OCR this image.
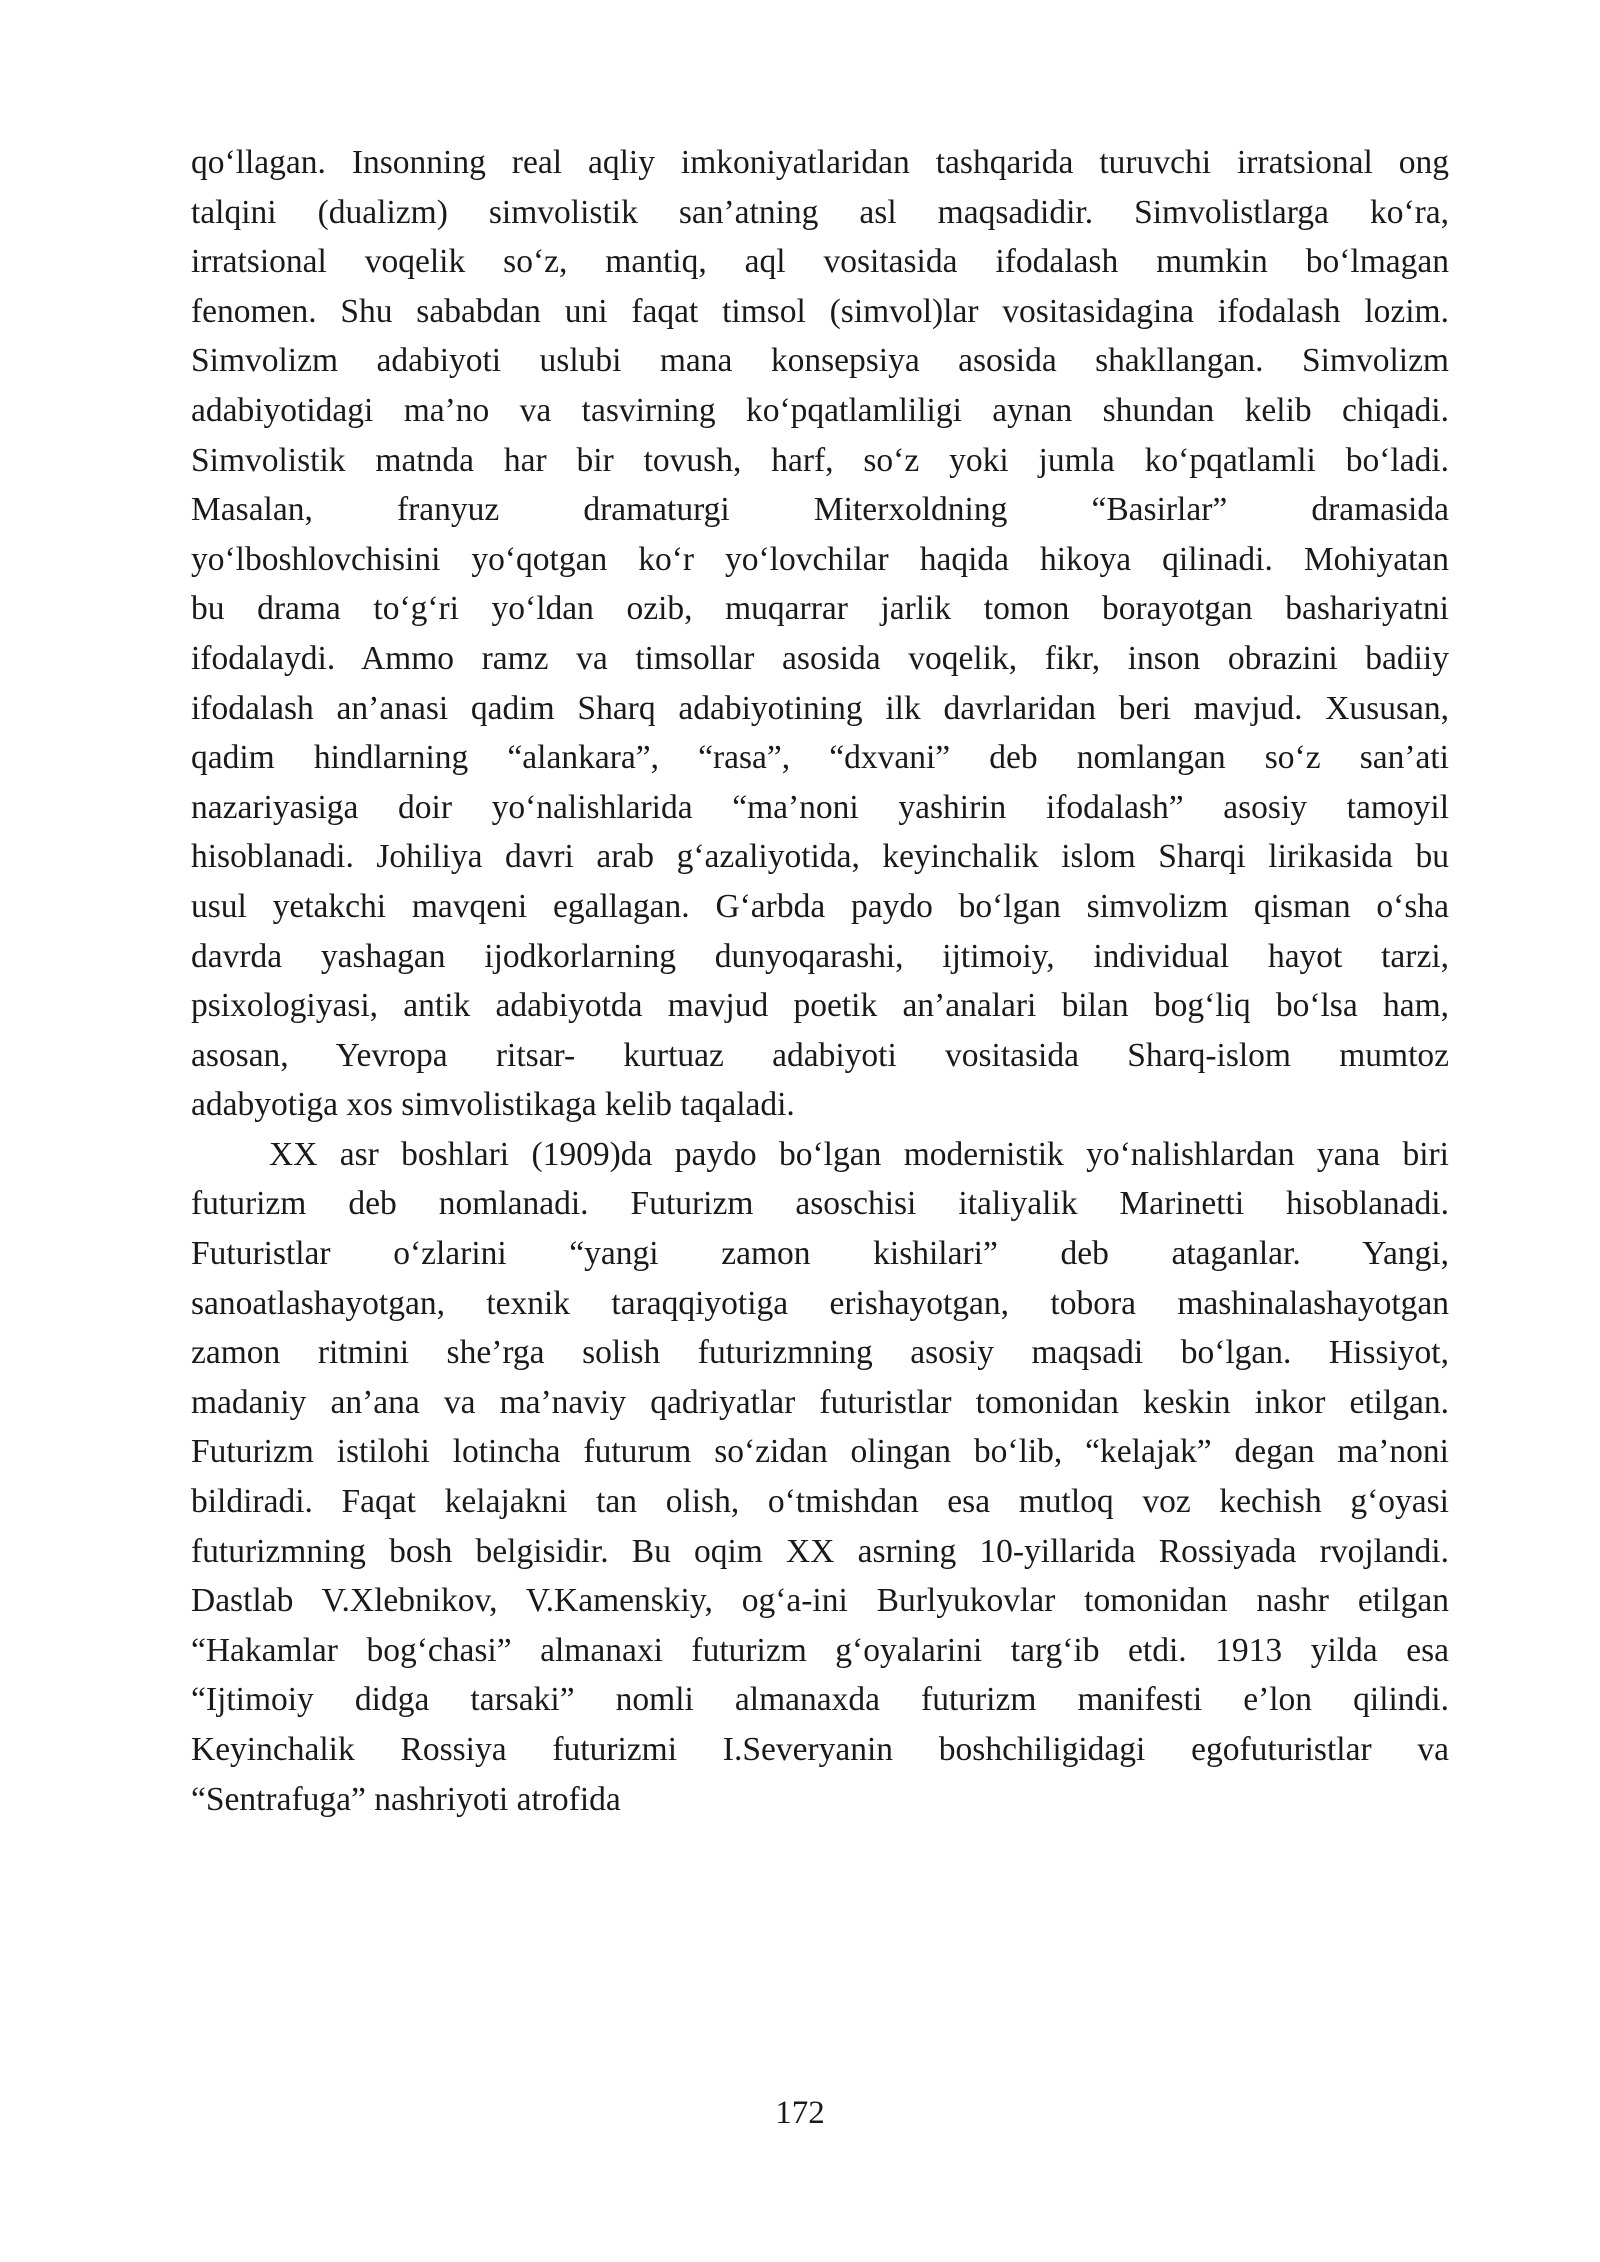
qo‘llagan. Insonning real aqliy imkoniyatlaridan tashqarida turuvchi irratsional ong
talqini (dualizm) simvolistik san’atning asl maqsadidir. Simvolistlarga ko‘ra,
irratsional voqelik so‘z, mantiq, aql vositasida ifodalash mumkin bo‘lmagan
fenomen. Shu sababdan uni faqat timsol (simvol)lar vositasidagina ifodalash lozim.
Simvolizm adabiyoti uslubi mana konsepsiya asosida shakllangan. Simvolizm
adabiyotidagi ma’no va tasvirning ko‘pqatlamliligi aynan shundan kelib chiqadi.
Simvolistik matnda har bir tovush, harf, so‘z yoki jumla ko‘pqatlamli bo‘ladi.
Masalan, franyuz dramaturgi Miterxoldning “Basirlar” dramasida
yo‘lboshlovchisini yo‘qotgan ko‘r yo‘lovchilar haqida hikoya qilinadi. Mohiyatan
bu drama to‘g‘ri yo‘ldan ozib, muqarrar jarlik tomon borayotgan bashariyatni
ifodalaydi. Ammo ramz va timsollar asosida voqelik, fikr, inson obrazini badiiy
ifodalash an’anasi qadim Sharq adabiyotining ilk davrlaridan beri mavjud. Xususan,
qadim hindlarning “alankara”, “rasa”, “dxvani” deb nomlangan so‘z san’ati
nazariyasiga doir yo‘nalishlarida “ma’noni yashirin ifodalash” asosiy tamoyil
hisoblanadi. Johiliya davri arab g‘azaliyotida, keyinchalik islom Sharqi lirikasida bu
usul yetakchi mavqeni egallagan. G‘arbda paydo bo‘lgan simvolizm qisman o‘sha
davrda yashagan ijodkorlarning dunyoqarashi, ijtimoiy, individual hayot tarzi,
psixologiyasi, antik adabiyotda mavjud poetik an’analari bilan bog‘liq bo‘lsa ham,
asosan, Yevropa ritsar- kurtuaz adabiyoti vositasida Sharq-islom mumtoz
adabyotiga xos simvolistikaga kelib taqaladi.
XX asr boshlari (1909)da paydo bo‘lgan modernistik yo‘nalishlardan yana biri
futurizm deb nomlanadi. Futurizm asoschisi italiyalik Marinetti hisoblanadi.
Futuristlar o‘zlarini “yangi zamon kishilari” deb ataganlar. Yangi,
sanoatlashayotgan, texnik taraqqiyotiga erishayotgan, tobora mashinalashayotgan
zamon ritmini she’rga solish futurizmning asosiy maqsadi bo‘lgan. Hissiyot,
madaniy an’ana va ma’naviy qadriyatlar futuristlar tomonidan keskin inkor etilgan.
Futurizm istilohi lotincha futurum so‘zidan olingan bo‘lib, “kelajak” degan ma’noni
bildiradi. Faqat kelajakni tan olish, o‘tmishdan esa mutloq voz kechish g‘oyasi
futurizmning bosh belgisidir. Bu oqim XX asrning 10-yillarida Rossiyada rvojlandi.
Dastlab V.Xlebnikov, V.Kamenskiy, og‘a-ini Burlyukovlar tomonidan nashr etilgan
“Hakamlar bog‘chasi” almanaxi futurizm g‘oyalarini targ‘ib etdi. 1913 yilda esa
“Ijtimoiy didga tarsaki” nomli almanaxda futurizm manifesti e’lon qilindi.
Keyinchalik Rossiya futurizmi I.Severyanin boshchiligidagi egofuturistlar va
“Sentrafuga” nashriyoti atrofida
172
